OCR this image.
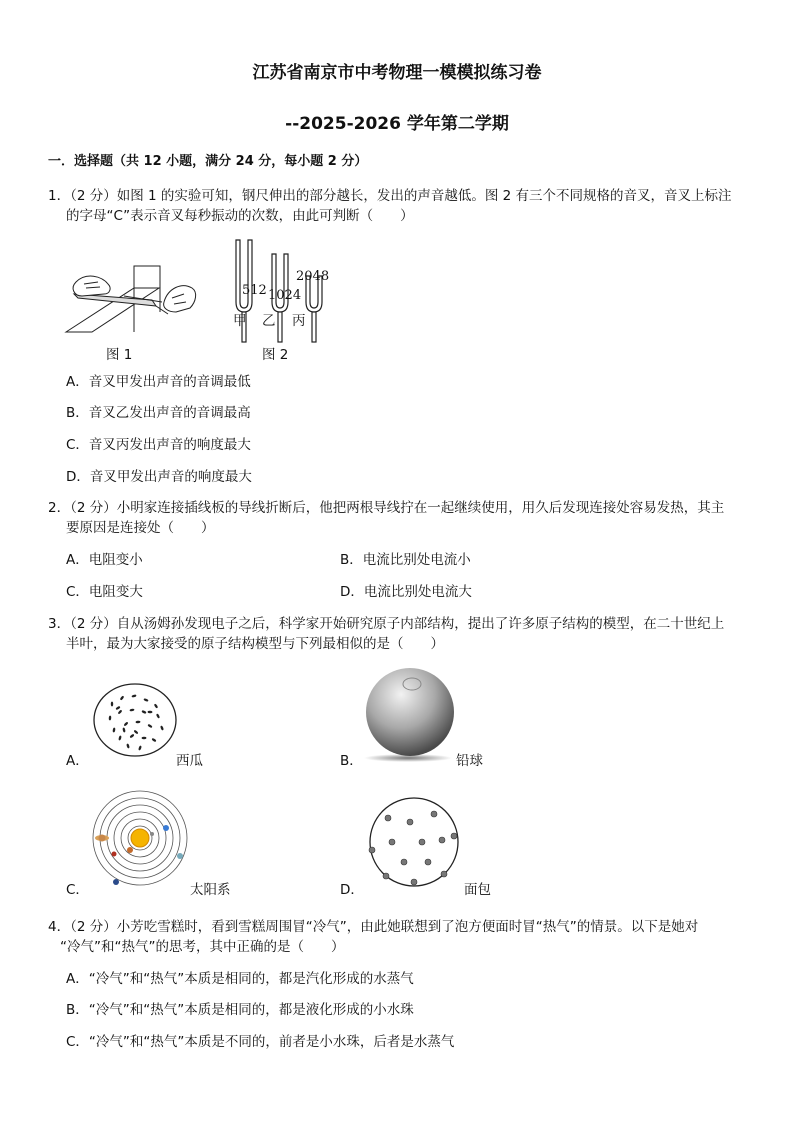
江苏省南京市中考物理一模模拟练习卷
--2025-2026 学年第二学期
一．选择题（共 12 小题，满分 24 分，每小题 2 分）
1．（2 分）如图 1 的实验可知，钢尺伸出的部分越长，发出的声音越低。图 2 有三个不同规格的音叉，音叉上标注
的字母“C”表示音叉每秒振动的次数，由此可判断（　　）
图 1
512 1024
2048
甲 乙 丙
图 2
A．音叉甲发出声音的音调最低
B．音叉乙发出声音的音调最高
C．音叉丙发出声音的响度最大
D．音叉甲发出声音的响度最大
2．（2 分）小明家连接插线板的导线折断后，他把两根导线拧在一起继续使用，用久后发现连接处容易发热，其主
要原因是连接处（　　）
A．电阻变小	B．电流比别处电流小
C．电阻变大	D．电流比别处电流大
3．（2 分）自从汤姆孙发现电子之后，科学家开始研究原子内部结构，提出了许多原子结构的模型，在二十世纪上
半叶，最为大家接受的原子结构模型与下列最相似的是（　　）
A．	西瓜	B．	铅球
C．	太阳系	D．	面包
4．（2 分）小芳吃雪糕时，看到雪糕周围冒“冷气”，由此她联想到了泡方便面时冒“热气”的情景。以下是她对
“冷气”和“热气”的思考，其中正确的是（　　）
A．“冷气”和“热气”本质是相同的，都是汽化形成的水蒸气
B．“冷气”和“热气”本质是相同的，都是液化形成的小水珠
C．“冷气”和“热气”本质是不同的，前者是小水珠，后者是水蒸气
